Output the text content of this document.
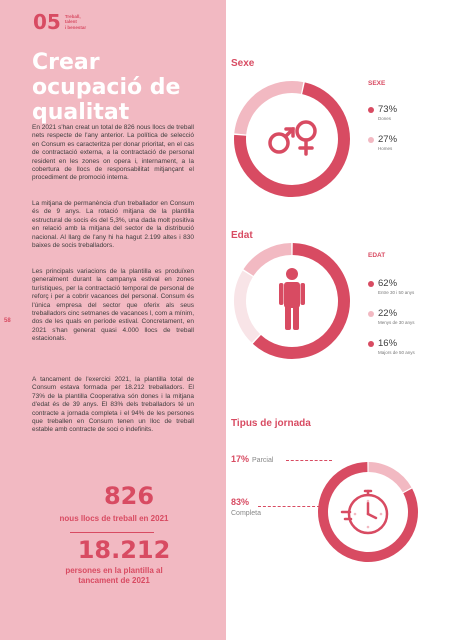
05 Treball,
talent
i benestar
Crear ocupació de qualitat
58

En 2021 s'han creat un total de 826 nous llocs de treball nets respecte de l'any anterior. La política de selecció en Consum es caracteritza per donar prioritat, en el cas de contractació externa, a la contractació de personal resident en les zones on opera i, internament, a la cobertura de llocs de responsabilitat mitjançant el procediment de promoció interna.

La mitjana de permanència d'un treballador en Consum és de 9 anys. La rotació mitjana de la plantilla estructural de socis és del 5,3%, una dada molt positiva en relació amb la mitjana del sector de la distribució nacional. Al llarg de l'any hi ha hagut 2.199 altes i 830 baixes de socis treballadors.

Les principals variacions de la plantilla es produïxen generalment durant la campanya estival en zones turístiques, per la contractació temporal de personal de reforç i per a cobrir vacances del personal. Consum és l'única empresa del sector que oferix als seus treballadors cinc setmanes de vacances l, com a mínim, dos de les quals en període estival. Concretament, en 2021 s'han generat quasi 4.000 llocs de treball estacionals.

A tancament de l'exercici 2021, la plantilla total de Consum estava formada per 18.212 treballadors. El 73% de la plantilla Cooperativa són dones i la mitjana d'edat és de 39 anys. El 83% dels treballadors té un contracte a jornada completa i el 94% de les persones que treballen en Consum tenen un lloc de treball estable amb contracte de soci o indefinits.

826
nous llocs de treball en 2021
18.212
persones en la plantilla al
tancament de 2021
Sexe
SEXE
73%
Dones
27%
Homes
Edat
EDAT
62%
Entre 30 i 50 anys
22%
Menys de 30 anys
16%
Majors de 50 anys
Tipus de jornada
17% Parcial
83%
Completa
